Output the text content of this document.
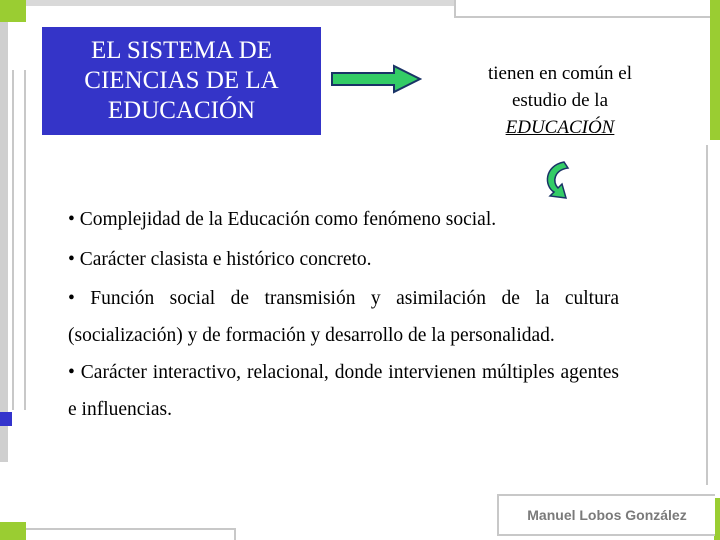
EL SISTEMA DE
CIENCIAS DE LA
EDUCACIÓN
tienen en común el
estudio de la
EDUCACIÓN

• Complejidad de la Educación como fenómeno social.

• Carácter clasista e histórico concreto.

• Función social de transmisión y asimilación de la cultura (socialización) y de formación y desarrollo de la personalidad.

• Carácter interactivo, relacional, donde intervienen múltiples agentes e influencias.

Manuel Lobos González
